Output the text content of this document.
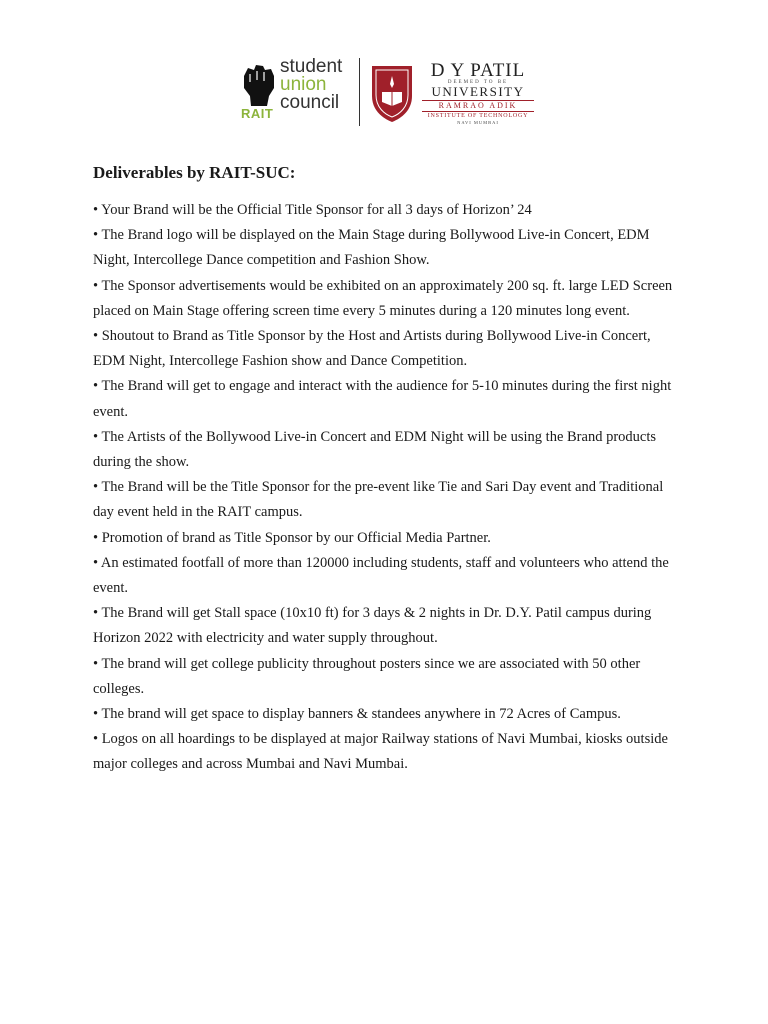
RAIT
student
union
council
D Y PATIL
DEEMED TO BE
UNIVERSITY
RAMRAO ADIK
INSTITUTE OF TECHNOLOGY
NAVI MUMBAI
Deliverables by RAIT-SUC:
• Your Brand will be the Official Title Sponsor for all 3 days of Horizon’ 24
• The Brand logo will be displayed on the Main Stage during Bollywood Live-in Concert, EDM Night, Intercollege Dance competition and Fashion Show.
• The Sponsor advertisements would be exhibited on an approximately 200 sq. ft. large LED Screen placed on Main Stage offering screen time every 5 minutes during a 120 minutes long event.
• Shoutout to Brand as Title Sponsor by the Host and Artists during Bollywood Live-in Concert, EDM Night, Intercollege Fashion show and Dance Competition.
• The Brand will get to engage and interact with the audience for 5-10 minutes during the first night event.
• The Artists of the Bollywood Live-in Concert and EDM Night will be using the Brand products during the show.
• The Brand will be the Title Sponsor for the pre-event like Tie and Sari Day event and Traditional day event held in the RAIT campus.
• Promotion of brand as Title Sponsor by our Official Media Partner.
• An estimated footfall of more than 120000 including students, staff and volunteers who attend the event.
• The Brand will get Stall space (10x10 ft) for 3 days & 2 nights in Dr. D.Y. Patil campus during Horizon 2022 with electricity and water supply throughout.
• The brand will get college publicity throughout posters since we are associated with 50 other colleges.
• The brand will get space to display banners & standees anywhere in 72 Acres of Campus.
• Logos on all hoardings to be displayed at major Railway stations of Navi Mumbai, kiosks outside major colleges and across Mumbai and Navi Mumbai.
